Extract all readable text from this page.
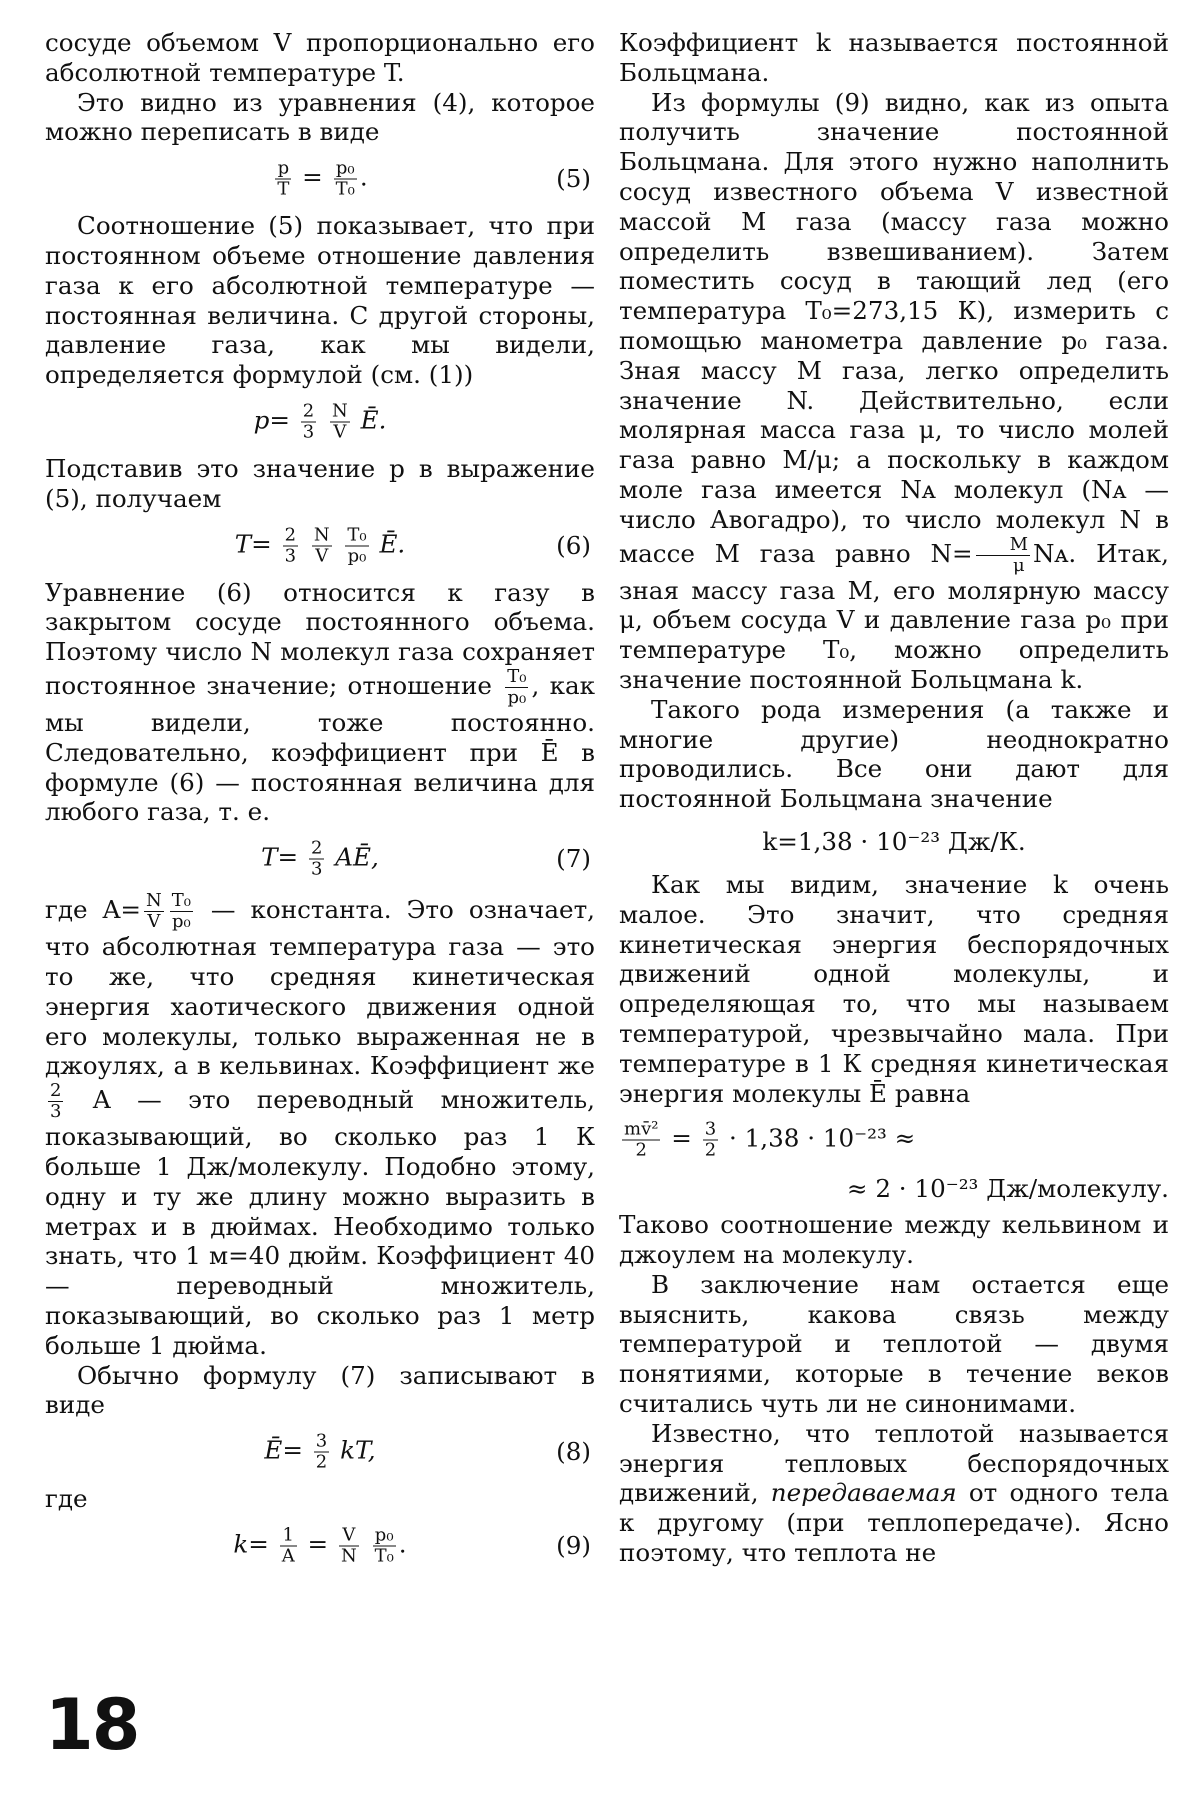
сосуде объемом V пропорционально его абсолютной температуре T.

Это видно из уравнения (4), которое можно переписать в виде

$\frac{p}{T} = \frac{\text{p₀}}{\text{T₀}}$ .	(5)

Соотношение (5) показывает, что при постоянном объеме отношение давления газа к его абсолютной температуре — постоянная величина. С другой стороны, давление газа, как мы видели, определяется формулой (см. (1))

$p= \frac{2}{3}$
$\frac{N}{V}$ Ē.

Подставив это значение p в выражение (5), получаем

$T= \frac{2}{3}$
$\frac{N}{V}$
$\frac{\text{T₀}}{\text{p₀}}$ Ē.	(6)

Уравнение (6) относится к газу в закрытом сосуде постоянного объема. Поэтому число N молекул газа сохраняет постоянное значение; отношение $\frac{\text{T₀}}{\text{p₀}}$ , как мы видели, тоже постоянно. Следовательно, коэффициент при Ē в формуле (6) — постоянная величина для любого газа, т. е.

$T= \frac{2}{3}$ AĒ,	(7)

где $A= \frac{N}{V} \frac{\text{T₀}}{\text{p₀}}$ — константа. Это означает, что абсолютная температура газа — это то же, что средняя кинетическая энергия хаотического движения одной его молекулы, только выраженная не в джоулях, а в кельвинах. Коэффициент же
$\frac{2}{3}$ A — это переводный множитель, показывающий, во сколько раз 1 К больше 1 Дж/молекулу. Подобно этому, одну и ту же длину можно выразить в метрах и в дюймах. Необходимо только знать, что 1 м=40 дюйм. Коэффициент 40 — переводный множитель, показывающий, во сколько раз 1 метр больше 1 дюйма.

Обычно формулу (7) записывают в виде

Ē= $\frac{3}{2}$ kT,	(8)

где

$k= \frac{1}{A} = \frac{V}{N}$
$\frac{\text{p₀}}{\text{T₀}}$ .	(9)

Коэффициент k называется постоянной Больцмана.

Из формулы (9) видно, как из опыта получить значение постоянной Больцмана. Для этого нужно наполнить сосуд известного объема V известной массой M газа (массу газа можно определить взвешиванием). Затем поместить сосуд в тающий лед (его температура T₀=273,15 К), измерить с помощью манометра давление p₀ газа. Зная массу M газа, легко определить значение N. Действительно, если молярная масса газа μ, то число молей газа равно M/μ; а поскольку в каждом моле газа имеется Nᴀ молекул (Nᴀ — число Авогадро), то число молекул N в массе M газа равно $N= \frac{M}{\mu}$ Nᴀ. Итак, зная массу газа M, его молярную массу μ, объем сосуда V и давление газа p₀ при температуре T₀, можно определить значение постоянной Больцмана k.

Такого рода измерения (а также и многие другие) неоднократно проводились. Все они дают для постоянной Больцмана значение

k=1,38 · 10⁻²³ Дж/К.

Как мы видим, значение k очень малое. Это значит, что средняя кинетическая энергия беспорядочных движений одной молекулы, и определяющая то, что мы называем температурой, чрезвычайно мала. При температуре в 1 К средняя кинетическая энергия молекулы Ē равна

$\frac{\text{mv̄²}}{2} = \frac{3}{2} \cdot 1,38 \cdot 10^{-23}$ ≈
≈ 2 · 10⁻²³ Дж/молекулу.

Таково соотношение между кельвином и джоулем на молекулу.

В заключение нам остается еще выяснить, какова связь между температурой и теплотой — двумя понятиями, которые в течение веков считались чуть ли не синонимами.

Известно, что теплотой называется энергия тепловых беспорядочных движений, передаваемая от одного тела к другому (при теплопередаче). Ясно поэтому, что теплота не

18
